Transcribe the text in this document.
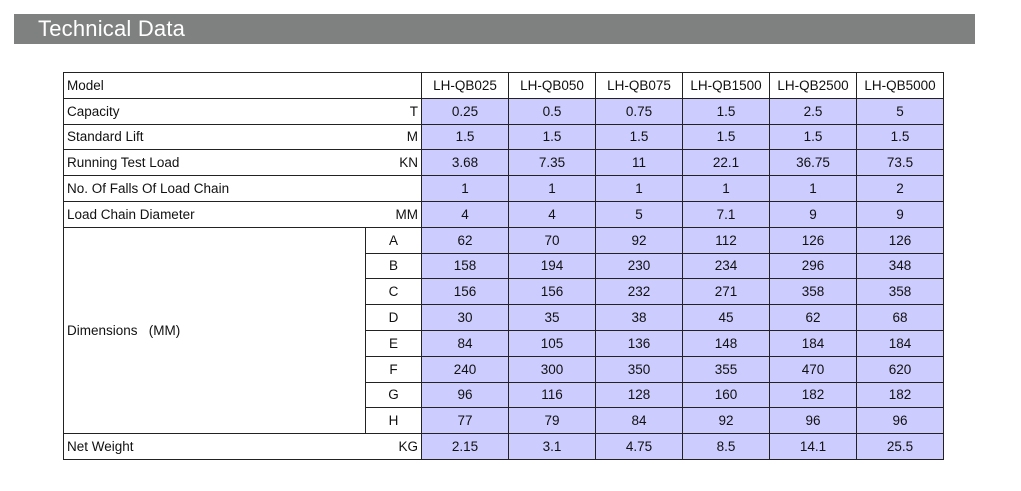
Technical Data
Model		LH-QB025	LH-QB050	LH-QB075	LH-QB1500	LH-QB2500	LH-QB5000

Capacity T		0.25	0.5	0.75	1.5	2.5	5

Standard Lift M		1.5	1.5	1.5	1.5	1.5	1.5

Running Test Load KN		3.68	7.35	11	22.1	36.75	73.5

No. Of Falls Of Load Chain		1	1	1	1	1	2

Load Chain Diameter MM		4	4	5	7.1	9	9
Dimensions   (MM)	A	62	70	92	112	126	126
	B	158	194	230	234	296	348
	C	156	156	232	271	358	358
	D	30	35	38	45	62	68
	E	84	105	136	148	184	184
	F	240	300	350	355	470	620
	G	96	116	128	160	182	182
	H	77	79	84	92	96	96

Net Weight KG		2.15	3.1	4.75	8.5	14.1	25.5
